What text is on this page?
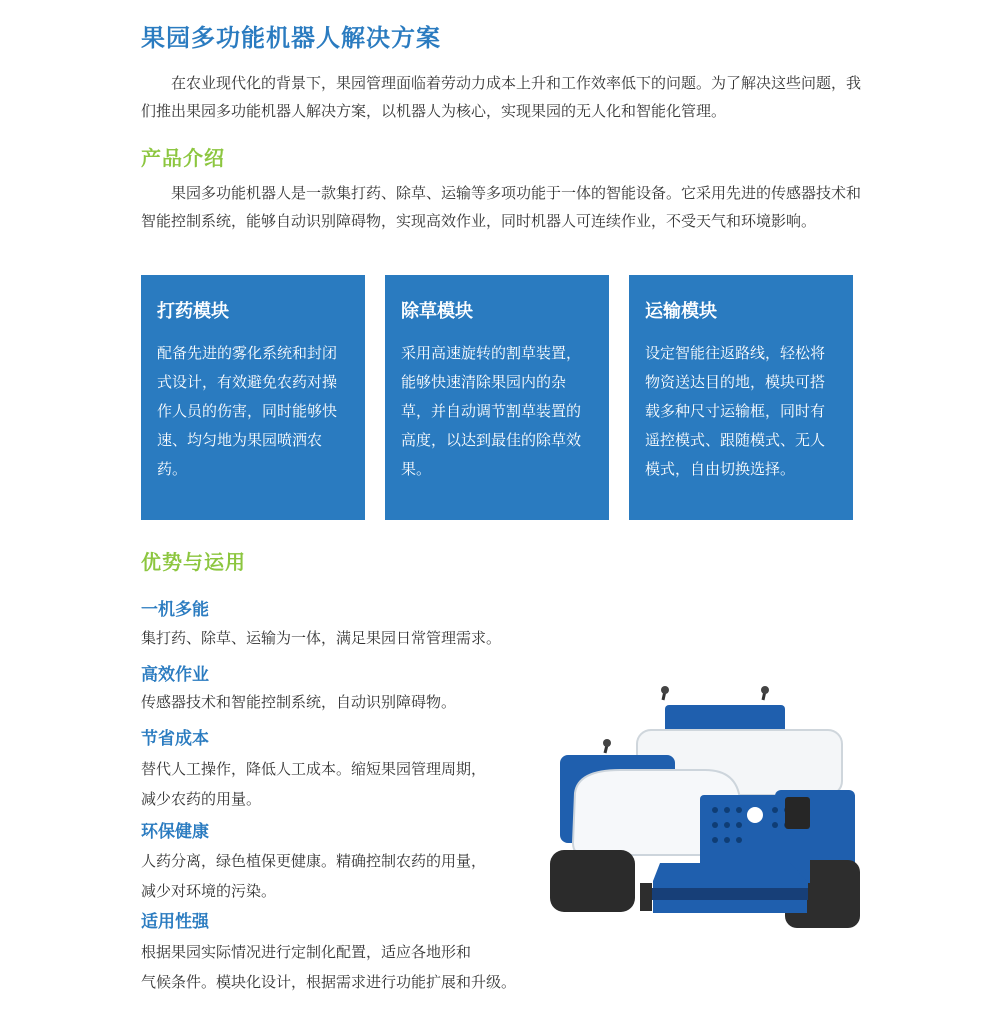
果园多功能机器人解决方案

在农业现代化的背景下，果园管理面临着劳动力成本上升和工作效率低下的问题。为了解决这些问题，我们推出果园多功能机器人解决方案，以机器人为核心，实现果园的无人化和智能化管理。

产品介绍

果园多功能机器人是一款集打药、除草、运输等多项功能于一体的智能设备。它采用先进的传感器技术和智能控制系统，能够自动识别障碍物，实现高效作业，同时机器人可连续作业，不受天气和环境影响。

打药模块

配备先进的雾化系统和封闭式设计，有效避免农药对操作人员的伤害，同时能够快速、均匀地为果园喷洒农药。

除草模块

采用高速旋转的割草装置，能够快速清除果园内的杂草，并自动调节割草装置的高度，以达到最佳的除草效果。

运输模块

设定智能往返路线，轻松将物资送达目的地，模块可搭载多种尺寸运输框，同时有遥控模式、跟随模式、无人模式，自由切换选择。

优势与运用
一机多能

集打药、除草、运输为一体，满足果园日常管理需求。

高效作业

传感器技术和智能控制系统，自动识别障碍物。

节省成本

替代人工操作，降低人工成本。缩短果园管理周期，

减少农药的用量。

环保健康

人药分离，绿色植保更健康。精确控制农药的用量，

减少对环境的污染。

适用性强

根据果园实际情况进行定制化配置，适应各地形和

气候条件。模块化设计，根据需求进行功能扩展和升级。
